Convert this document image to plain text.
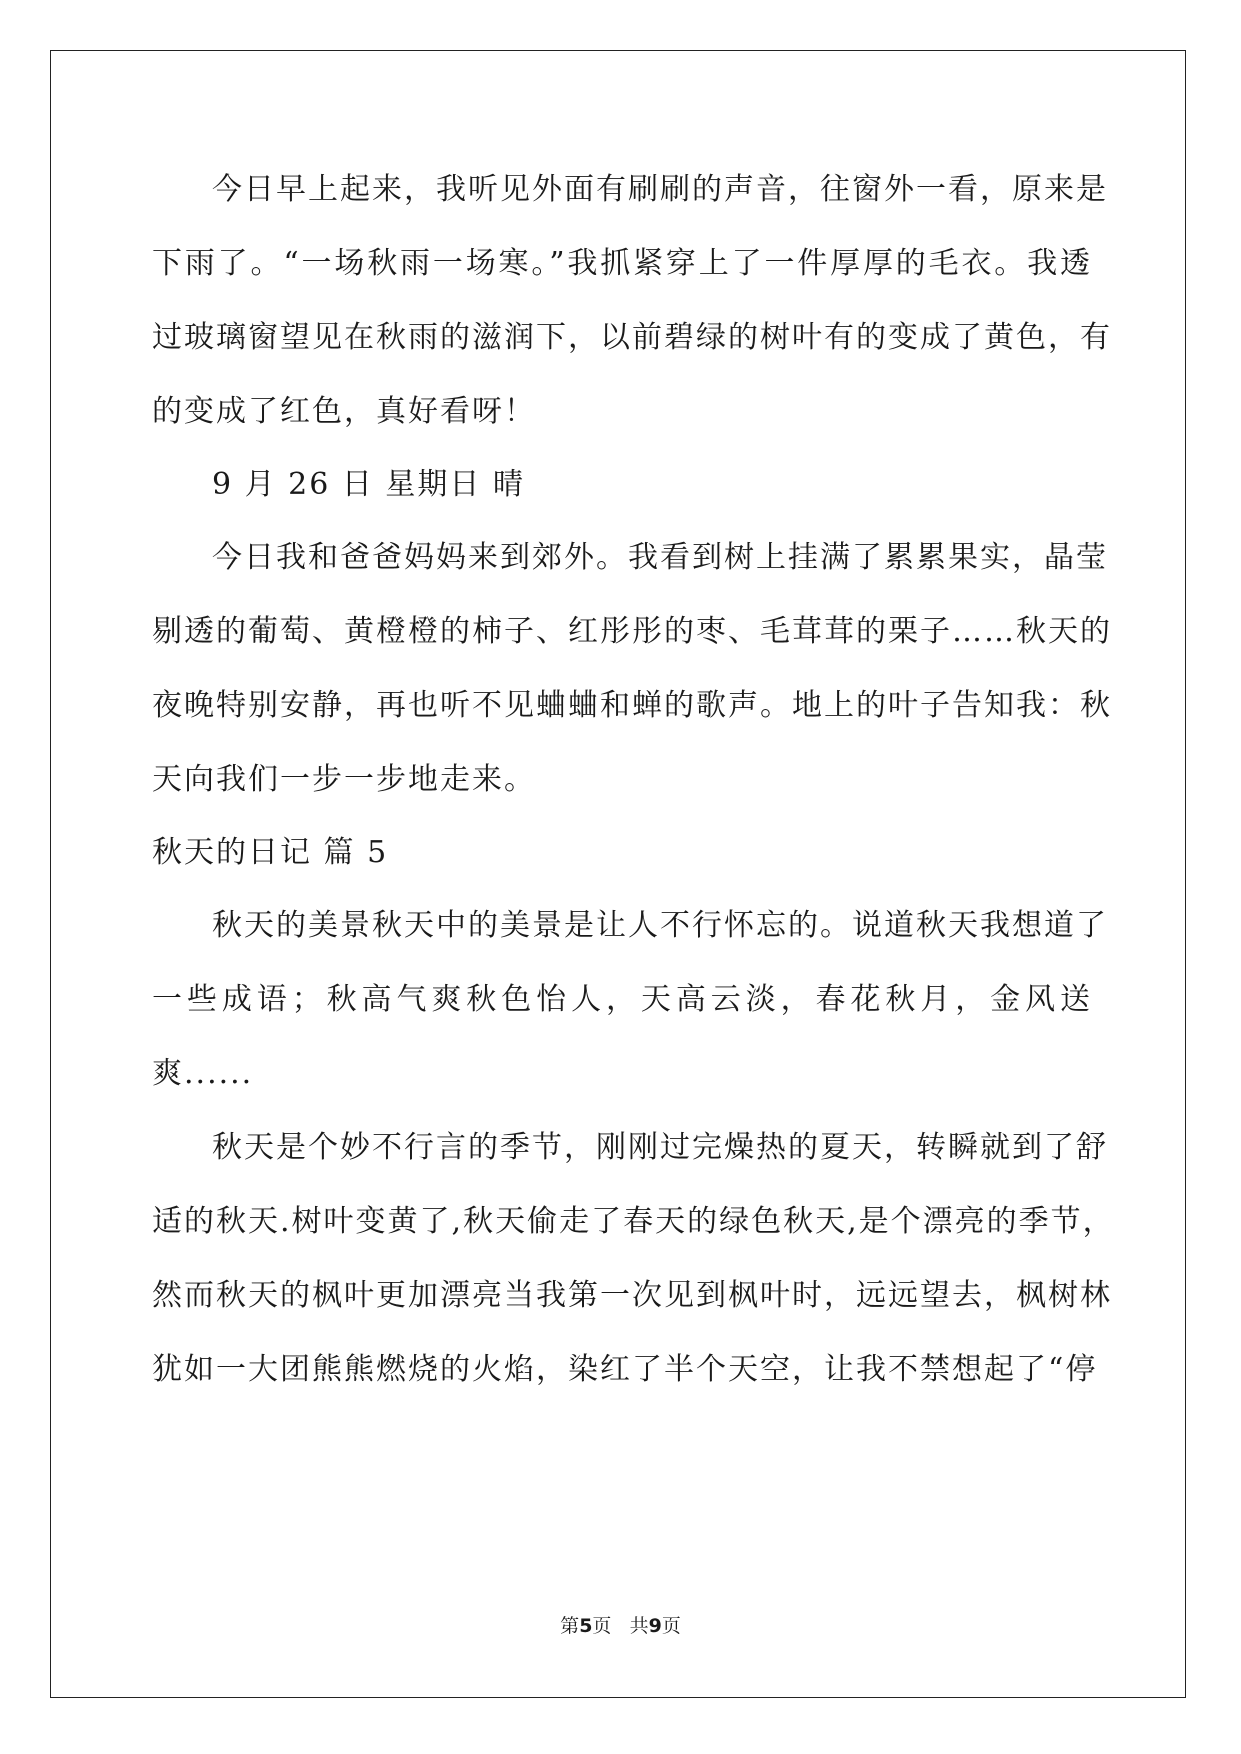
今日早上起来，我听见外面有刷刷的声音，往窗外一看，原来是
下雨了。“一场秋雨一场寒。”我抓紧穿上了一件厚厚的毛衣。我透
过玻璃窗望见在秋雨的滋润下，以前碧绿的树叶有的变成了黄色，有
的变成了红色，真好看呀！
9 月 26 日 星期日 晴
今日我和爸爸妈妈来到郊外。我看到树上挂满了累累果实，晶莹
剔透的葡萄、黄橙橙的柿子、红彤彤的枣、毛茸茸的栗子……秋天的
夜晚特别安静，再也听不见蛐蛐和蝉的歌声。地上的叶子告知我：秋
天向我们一步一步地走来。
秋天的日记 篇 5
秋天的美景秋天中的美景是让人不行怀忘的。说道秋天我想道了
一些成语；秋高气爽秋色怡人，天高云淡，春花秋月，金风送
爽......
秋天是个妙不行言的季节，刚刚过完燥热的夏天，转瞬就到了舒
适的秋天.树叶变黄了,秋天偷走了春天的绿色秋天,是个漂亮的季节，
然而秋天的枫叶更加漂亮当我第一次见到枫叶时，远远望去，枫树林
犹如一大团熊熊燃烧的火焰，染红了半个天空，让我不禁想起了“停
第5页 共9页
